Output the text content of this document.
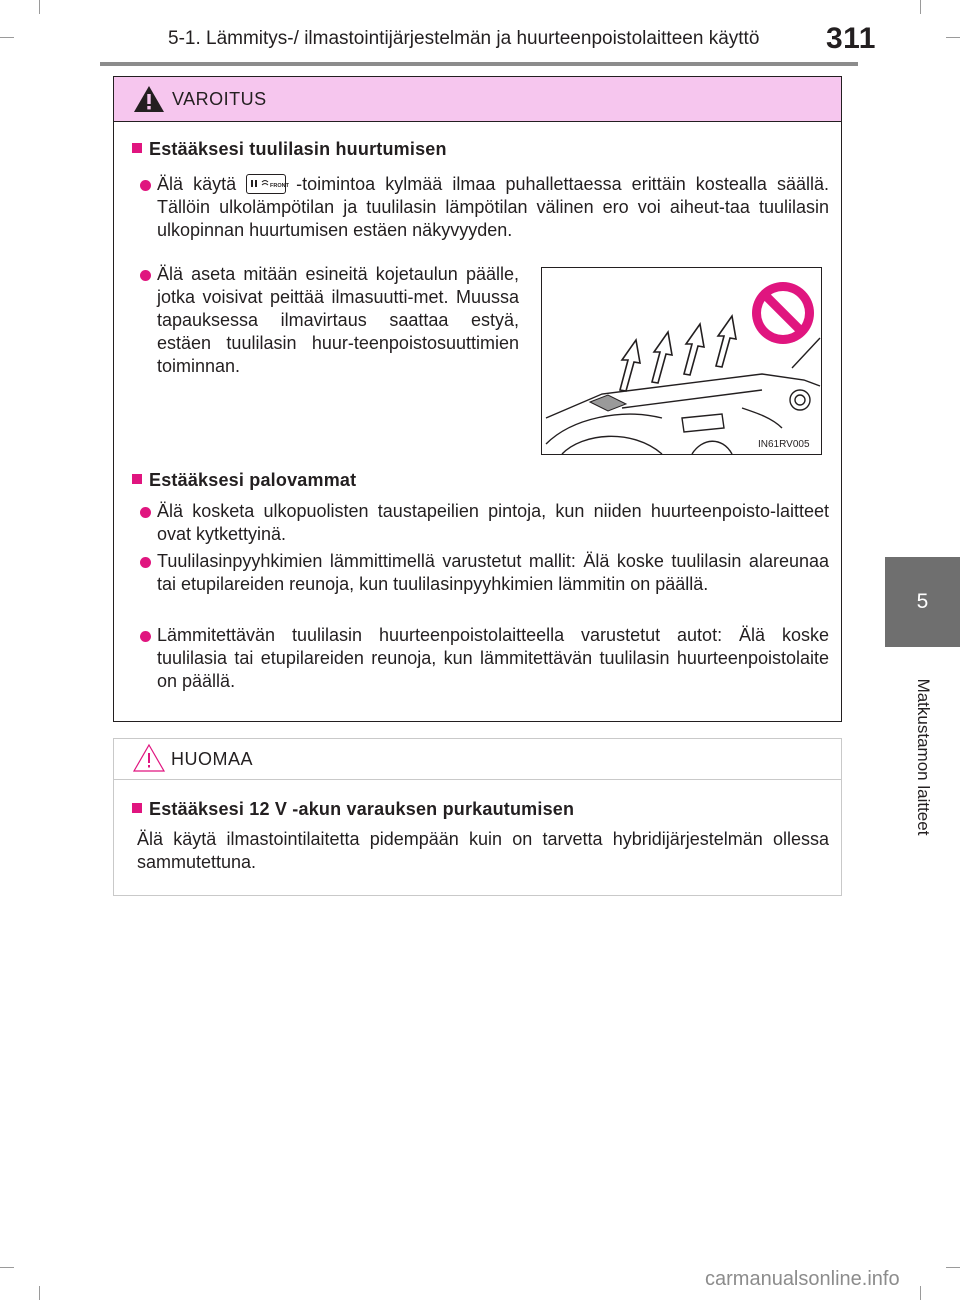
5-1. Lämmitys-/ ilmastointijärjestelmän ja huurteenpoistolaitteen käyttö 311
5
Matkustamon laitteet
VAROITUS
Estääksesi tuulilasin huurtumisen
Älä käytä	FRONT -toimintoa kylmää ilmaa puhallettaessa erittäin kostealla säällä. Tällöin ulkolämpötilan ja tuulilasin lämpötilan välinen ero voi aiheut-taa tuulilasin ulkopinnan huurtumisen estäen näkyvyyden.
Älä aseta mitään esineitä kojetaulun päälle, jotka voisivat peittää ilmasuutti-met. Muussa tapauksessa ilmavirtaus saattaa estyä, estäen tuulilasin huur-teenpoistosuuttimien toiminnan.
IN61RV005
Estääksesi palovammat
Älä kosketa ulkopuolisten taustapeilien pintoja, kun niiden huurteenpoisto-laitteet ovat kytkettyinä.
Tuulilasinpyyhkimien lämmittimellä varustetut mallit: Älä koske tuulilasin alareunaa tai etupilareiden reunoja, kun tuulilasinpyyhkimien lämmitin on päällä.
Lämmitettävän tuulilasin huurteenpoistolaitteella varustetut autot: Älä koske tuulilasia tai etupilareiden reunoja, kun lämmitettävän tuulilasin huurteenpoistolaite on päällä.
HUOMAA
Estääksesi 12 V -akun varauksen purkautumisen
Älä käytä ilmastointilaitetta pidempään kuin on tarvetta hybridijärjestelmän ollessa sammutettuna.
carmanualsonline.info
